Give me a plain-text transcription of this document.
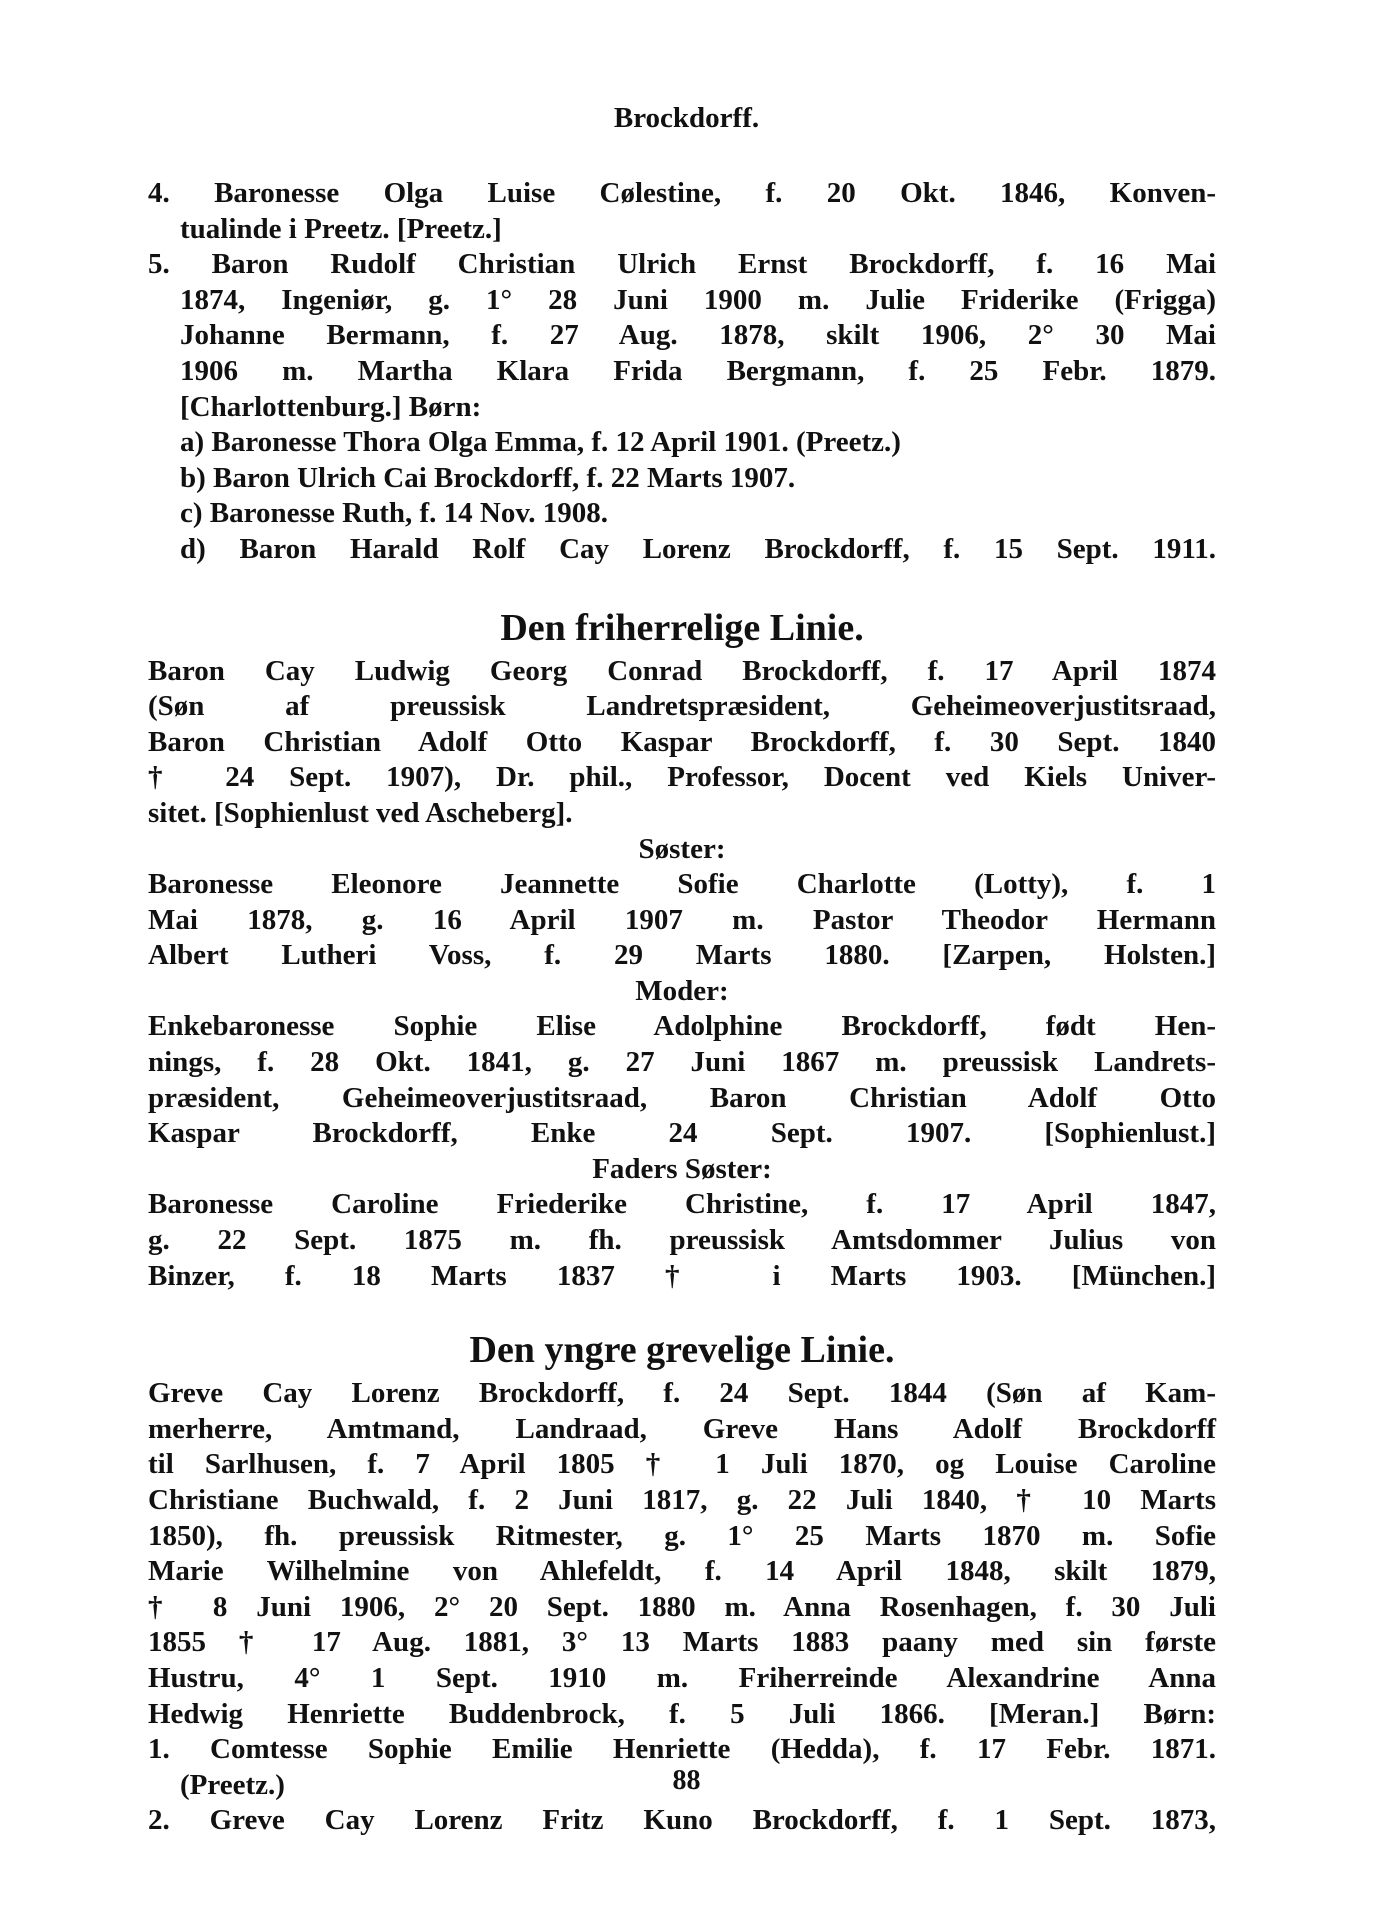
Brockdorff.

4. Baronesse Olga Luise Cølestine, f. 20 Okt. 1846, Konven-

tualinde i Preetz. [Preetz.]

5. Baron Rudolf Christian Ulrich Ernst Brockdorff, f. 16 Mai

1874, Ingeniør, g. 1° 28 Juni 1900 m. Julie Friderike (Frigga)

Johanne Bermann, f. 27 Aug. 1878, skilt 1906, 2° 30 Mai

1906 m. Martha Klara Frida Bergmann, f. 25 Febr. 1879.

[Charlottenburg.] Børn:

a) Baronesse Thora Olga Emma, f. 12 April 1901. (Preetz.)

b) Baron Ulrich Cai Brockdorff, f. 22 Marts 1907.

c) Baronesse Ruth, f. 14 Nov. 1908.

d) Baron Harald Rolf Cay Lorenz Brockdorff, f. 15 Sept. 1911.

Den friherrelige Linie.

Baron Cay Ludwig Georg Conrad Brockdorff, f. 17 April 1874

(Søn af preussisk Landretspræsident, Geheimeoverjustitsraad,

Baron Christian Adolf Otto Kaspar Brockdorff, f. 30 Sept. 1840

† 24 Sept. 1907), Dr. phil., Professor, Docent ved Kiels Univer-

sitet. [Sophienlust ved Ascheberg].

Søster:

Baronesse Eleonore Jeannette Sofie Charlotte (Lotty), f. 1

Mai 1878, g. 16 April 1907 m. Pastor Theodor Hermann

Albert Lutheri Voss, f. 29 Marts 1880. [Zarpen, Holsten.]

Moder:

Enkebaronesse Sophie Elise Adolphine Brockdorff, født Hen-

nings, f. 28 Okt. 1841, g. 27 Juni 1867 m. preussisk Landrets-

præsident, Geheimeoverjustitsraad, Baron Christian Adolf Otto

Kaspar Brockdorff, Enke 24 Sept. 1907. [Sophienlust.]

Faders Søster:

Baronesse Caroline Friederike Christine, f. 17 April 1847,

g. 22 Sept. 1875 m. fh. preussisk Amtsdommer Julius von

Binzer, f. 18 Marts 1837 † i Marts 1903. [München.]

Den yngre grevelige Linie.

Greve Cay Lorenz Brockdorff, f. 24 Sept. 1844 (Søn af Kam-

merherre, Amtmand, Landraad, Greve Hans Adolf Brockdorff

til Sarlhusen, f. 7 April 1805 † 1 Juli 1870, og Louise Caroline

Christiane Buchwald, f. 2 Juni 1817, g. 22 Juli 1840, † 10 Marts

1850), fh. preussisk Ritmester, g. 1° 25 Marts 1870 m. Sofie

Marie Wilhelmine von Ahlefeldt, f. 14 April 1848, skilt 1879,

† 8 Juni 1906, 2° 20 Sept. 1880 m. Anna Rosenhagen, f. 30 Juli

1855 † 17 Aug. 1881, 3° 13 Marts 1883 paany med sin første

Hustru, 4° 1 Sept. 1910 m. Friherreinde Alexandrine Anna

Hedwig Henriette Buddenbrock, f. 5 Juli 1866. [Meran.] Børn:

1. Comtesse Sophie Emilie Henriette (Hedda), f. 17 Febr. 1871.

(Preetz.)

2. Greve Cay Lorenz Fritz Kuno Brockdorff, f. 1 Sept. 1873,

88
